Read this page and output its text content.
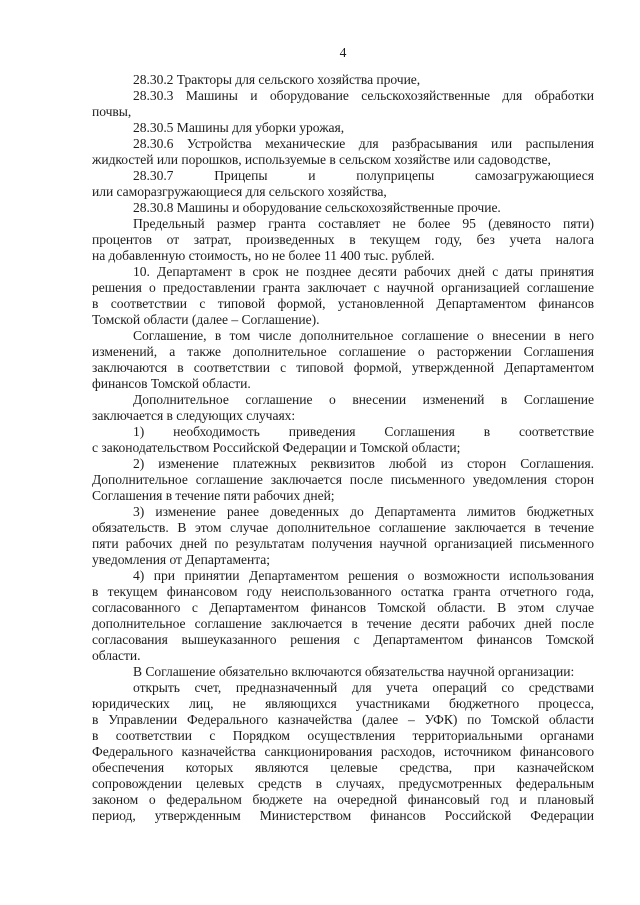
4
28.30.2 Тракторы для сельского хозяйства прочие,
28.30.3 Машины и оборудование сельскохозяйственные для обработки
почвы,
28.30.5 Машины для уборки урожая,
28.30.6 Устройства механические для разбрасывания или распыления
жидкостей или порошков, используемые в сельском хозяйстве или садоводстве,
28.30.7 Прицепы и полуприцепы самозагружающиеся
или саморазгружающиеся для сельского хозяйства,
28.30.8 Машины и оборудование сельскохозяйственные прочие.
Предельный размер гранта составляет не более 95 (девяносто пяти)
процентов от затрат, произведенных в текущем году, без учета налога
на добавленную стоимость, но не более 11 400 тыс. рублей.
10. Департамент в срок не позднее десяти рабочих дней с даты принятия
решения о предоставлении гранта заключает с научной организацией соглашение
в соответствии с типовой формой, установленной Департаментом финансов
Томской области (далее – Соглашение).
Соглашение, в том числе дополнительное соглашение о внесении в него
изменений, а также дополнительное соглашение о расторжении Соглашения
заключаются в соответствии с типовой формой, утвержденной Департаментом
финансов Томской области.
Дополнительное соглашение о внесении изменений в Соглашение
заключается в следующих случаях:
1) необходимость приведения Соглашения в соответствие
с законодательством Российской Федерации и Томской области;
2) изменение платежных реквизитов любой из сторон Соглашения.
Дополнительное соглашение заключается после письменного уведомления сторон
Соглашения в течение пяти рабочих дней;
3) изменение ранее доведенных до Департамента лимитов бюджетных
обязательств. В этом случае дополнительное соглашение заключается в течение
пяти рабочих дней по результатам получения научной организацией письменного
уведомления от Департамента;
4) при принятии Департаментом решения о возможности использования
в текущем финансовом году неиспользованного остатка гранта отчетного года,
согласованного с Департаментом финансов Томской области. В этом случае
дополнительное соглашение заключается в течение десяти рабочих дней после
согласования вышеуказанного решения с Департаментом финансов Томской
области.
В Соглашение обязательно включаются обязательства научной организации:
открыть счет, предназначенный для учета операций со средствами
юридических лиц, не являющихся участниками бюджетного процесса,
в Управлении Федерального казначейства (далее – УФК) по Томской области
в соответствии с Порядком осуществления территориальными органами
Федерального казначейства санкционирования расходов, источником финансового
обеспечения которых являются целевые средства, при казначейском
сопровождении целевых средств в случаях, предусмотренных федеральным
законом о федеральном бюджете на очередной финансовый год и плановый
период, утвержденным Министерством финансов Российской Федерации
